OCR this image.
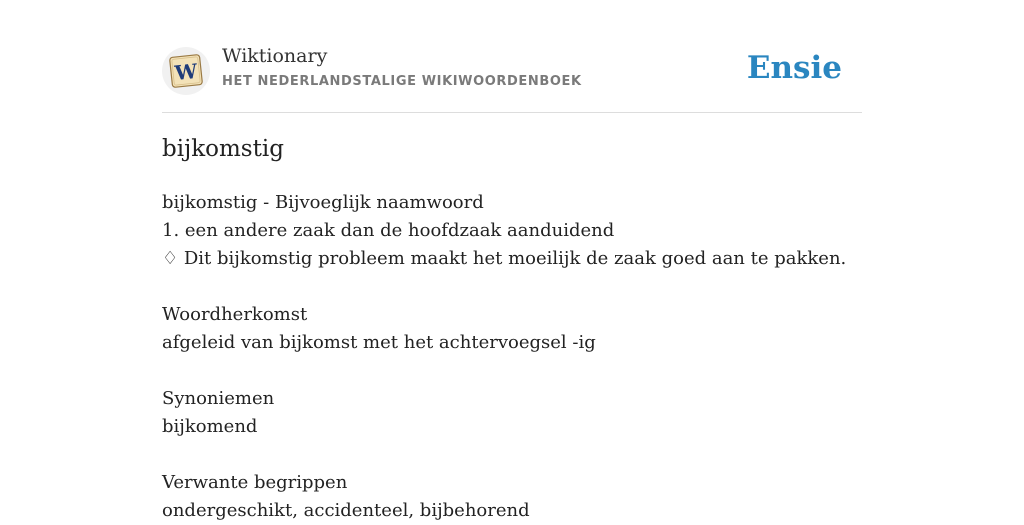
W
Wiktionary
HET NEDERLANDSTALIGE WIKIWOORDENBOEK	Ensie
bijkomstig
bijkomstig - Bijvoeglijk naamwoord
1. een andere zaak dan de hoofdzaak aanduidend
♢ Dit bijkomstig probleem maakt het moeilijk de zaak goed aan te pakken.
Woordherkomst
afgeleid van bijkomst met het achtervoegsel -ig
Synoniemen
bijkomend
Verwante begrippen
ondergeschikt, accidenteel, bijbehorend
